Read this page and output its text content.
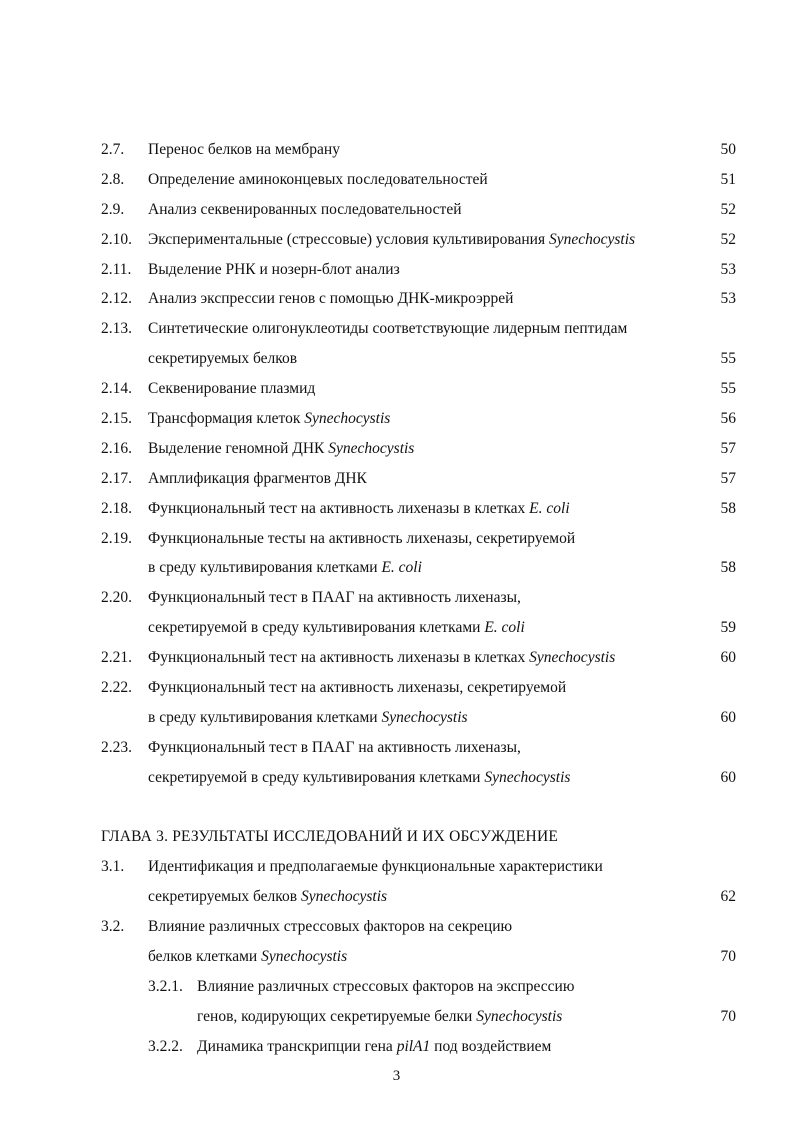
2.7. Перенос белков на мембрану	50
2.8. Определение аминоконцевых последовательностей	51
2.9. Анализ секвенированных последовательностей	52
2.10. Экспериментальные (стрессовые) условия культивирования Synechocystis	52
2.11. Выделение РНК и нозерн-блот анализ	53
2.12. Анализ экспрессии генов с помощью ДНК-микроэррей	53
2.13. Синтетические олигонуклеотиды соответствующие лидерным пептидам
секретируемых белков	55
2.14. Секвенирование плазмид	55
2.15. Трансформация клеток Synechocystis	56
2.16. Выделение геномной ДНК Synechocystis	57
2.17. Амплификация фрагментов ДНК	57
2.18. Функциональный тест на активность лихеназы в клетках E. coli	58
2.19. Функциональные тесты на активность лихеназы, секретируемой
в среду культивирования клетками E. coli	58
2.20. Функциональный тест в ПААГ на активность лихеназы,
секретируемой в среду культивирования клетками E. coli	59
2.21. Функциональный тест на активность лихеназы в клетках Synechocystis	60
2.22. Функциональный тест на активность лихеназы, секретируемой
в среду культивирования клетками Synechocystis	60
2.23. Функциональный тест в ПААГ на активность лихеназы,
секретируемой в среду культивирования клетками Synechocystis	60
ГЛАВА 3. РЕЗУЛЬТАТЫ ИССЛЕДОВАНИЙ И ИХ ОБСУЖДЕНИЕ
3.1. Идентификация и предполагаемые функциональные характеристики
секретируемых белков Synechocystis	62
3.2. Влияние различных стрессовых факторов на секрецию
белков клетками Synechocystis	70
3.2.1. Влияние различных стрессовых факторов на экспрессию
генов, кодирующих секретируемые белки Synechocystis	70
3.2.2. Динамика транскрипции гена pilA1 под воздействием
3
